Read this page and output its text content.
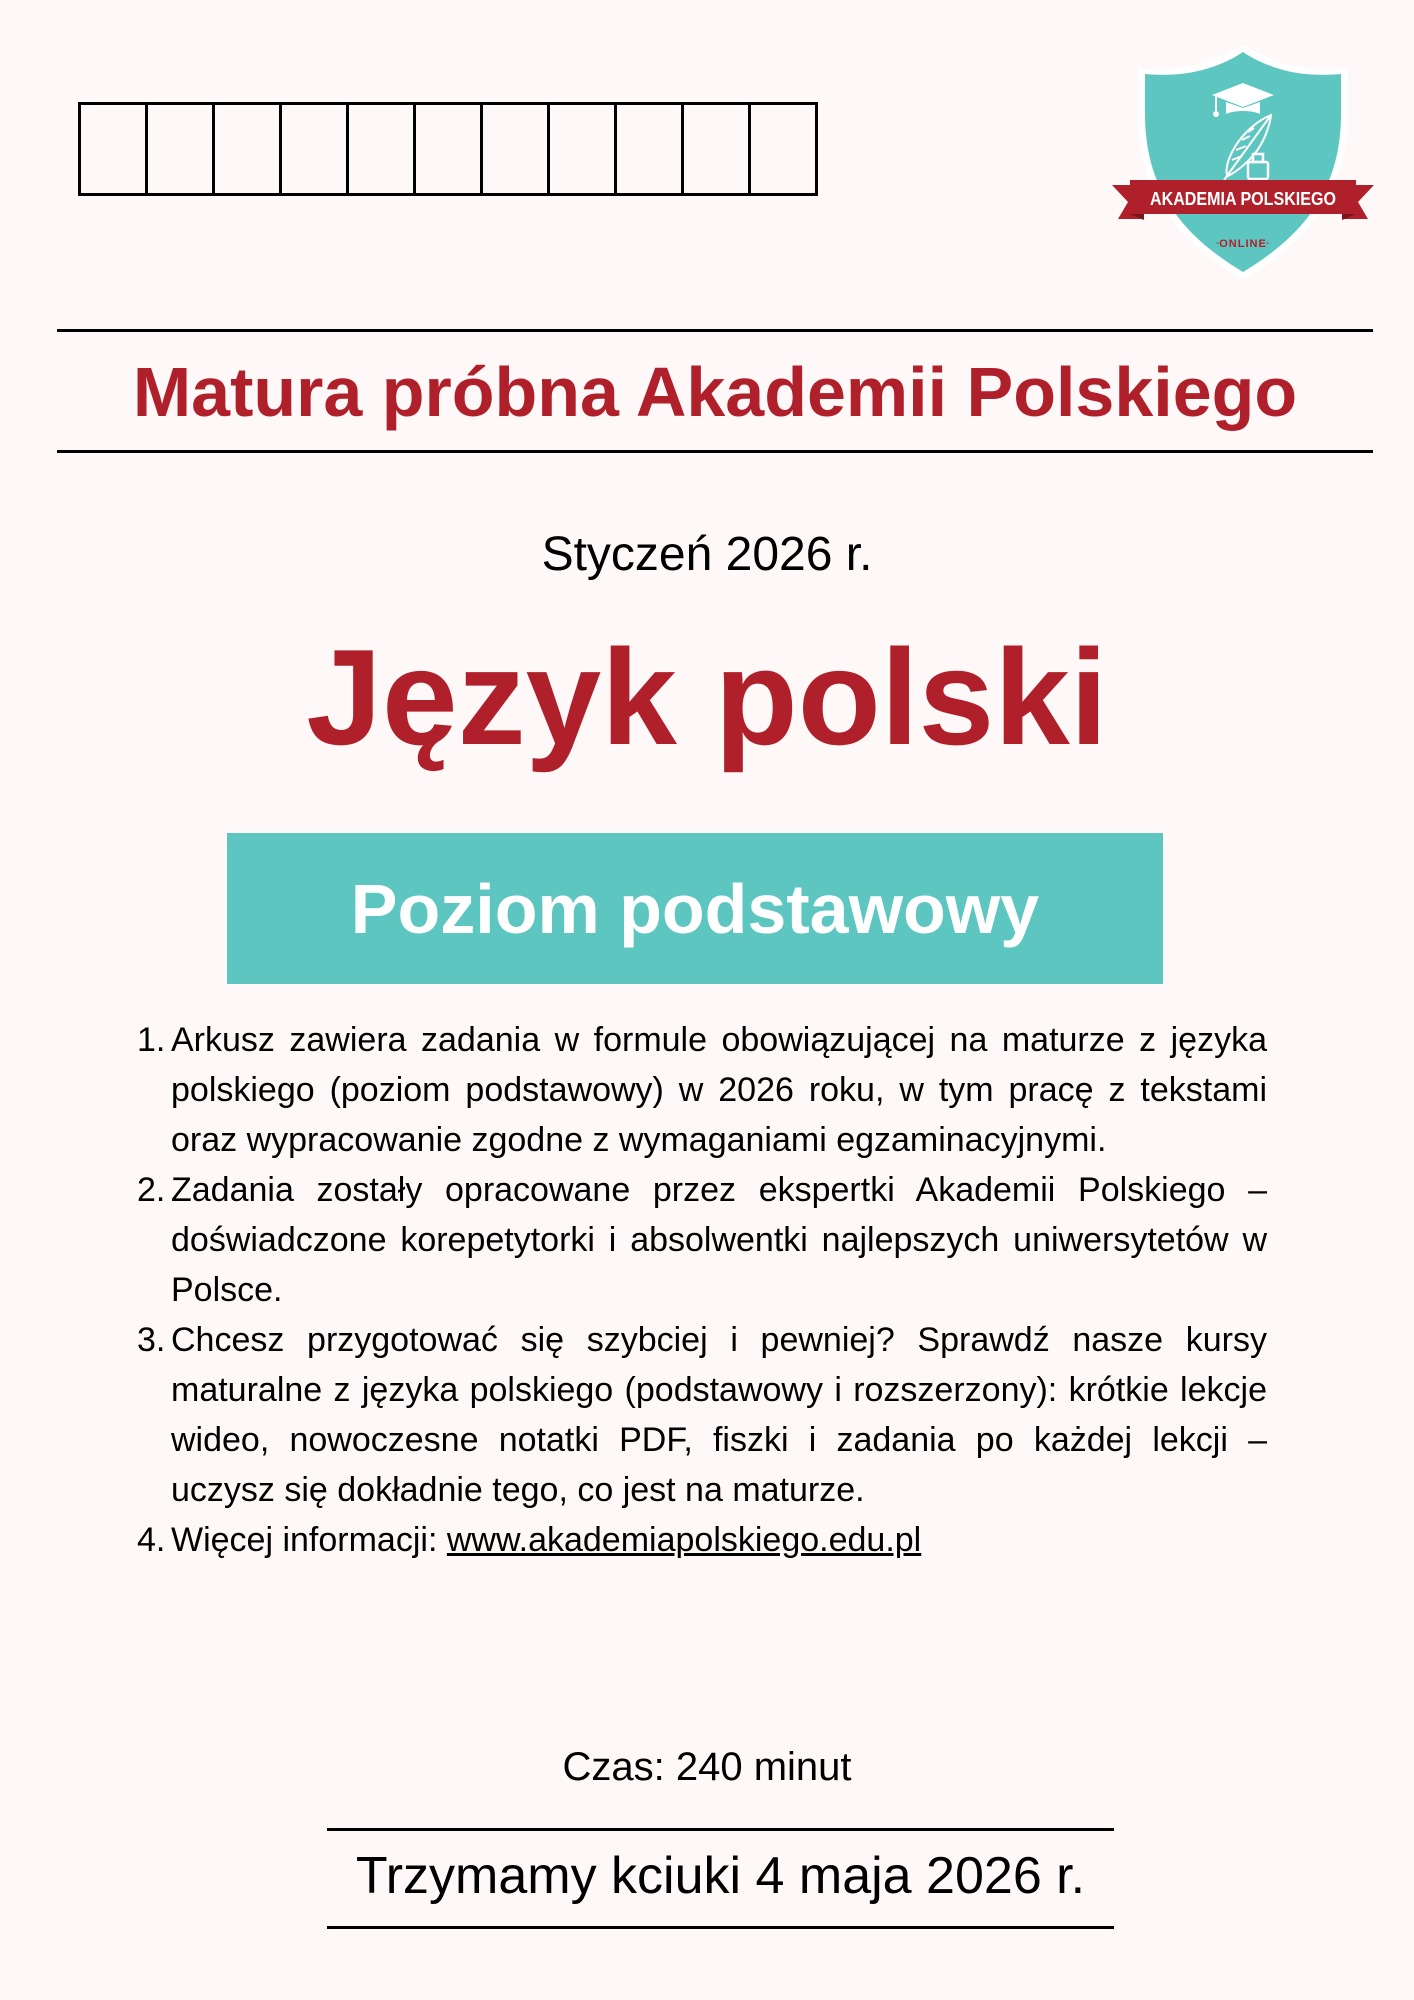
AKADEMIA POLSKIEGO
ONLINE
-	-
Matura próbna Akademii Polskiego
Styczeń 2026 r.
Język polski
Poziom podstawowy
1. Arkusz zawiera zadania w formule obowiązującej na maturze z języka polskiego (poziom podstawowy) w 2026 roku, w tym pracę z tekstami oraz wypracowanie zgodne z wymaganiami egzaminacyjnymi.
2. Zadania zostały opracowane przez ekspertki Akademii Polskiego – doświadczone korepetytorki i absolwentki najlepszych uniwersytetów w Polsce.
3. Chcesz przygotować się szybciej i pewniej? Sprawdź nasze kursy maturalne z języka polskiego (podstawowy i rozszerzony): krótkie lekcje wideo, nowoczesne notatki PDF, fiszki i zadania po każdej lekcji – uczysz się dokładnie tego, co jest na maturze.
4. Więcej informacji: www.akademiapolskiego.edu.pl
Czas: 240 minut
Trzymamy kciuki 4 maja 2026 r.
